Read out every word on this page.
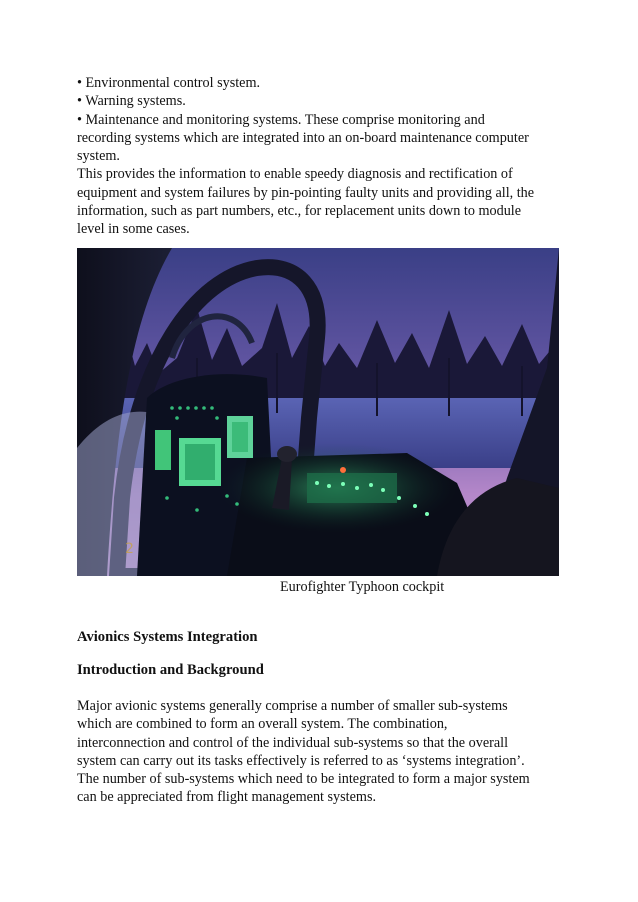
• Environmental control system.
• Warning systems.
• Maintenance and monitoring systems. These comprise monitoring and
recording systems which are integrated into an on-board maintenance computer
system.
This provides the information to enable speedy diagnosis and rectification of
equipment and system failures by pin-pointing faulty units and providing all, the
information, such as part numbers, etc., for replacement units down to module
level in some cases.
2
Eurofighter Typhoon cockpit
Avionics Systems Integration
Introduction and Background
Major avionic systems generally comprise a number of smaller sub-systems
which are combined to form an overall system. The combination,
interconnection and control of the individual sub-systems so that the overall
system can carry out its tasks effectively is referred to as ‘systems integration’.
The number of sub-systems which need to be integrated to form a major system
can be appreciated from flight management systems.
